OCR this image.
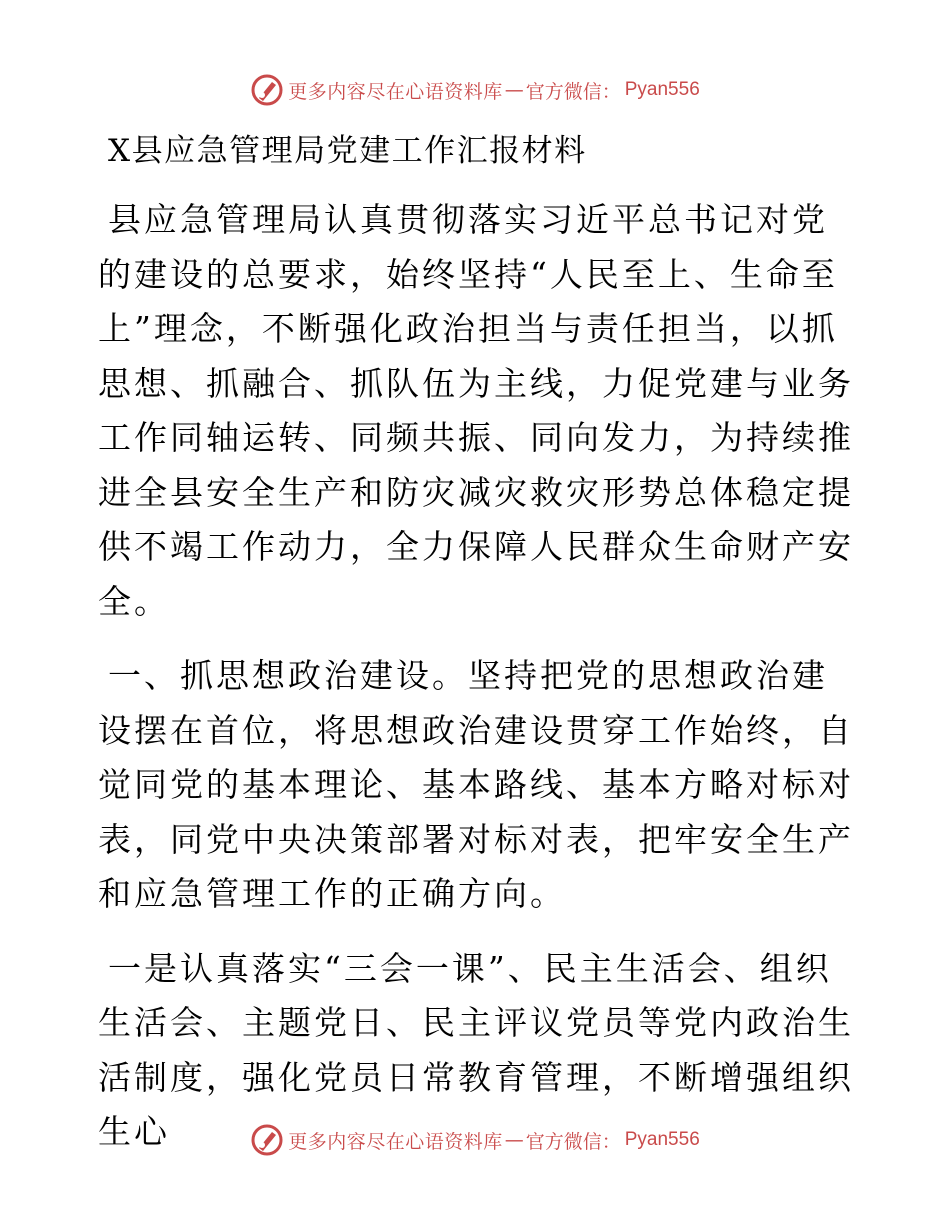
更多内容尽在心语资料库 — 官方微信： Pyan556
X县应急管理局党建工作汇报材料

县应急管理局认真贯彻落实习近平总书记对党的建设的总要求，始终坚持“人民至上、生命至上”理念，不断强化政治担当与责任担当，以抓思想、抓融合、抓队伍为主线，力促党建与业务工作同轴运转、同频共振、同向发力，为持续推进全县安全生产和防灾减灾救灾形势总体稳定提供不竭工作动力，全力保障人民群众生命财产安全。

一、抓思想政治建设。坚持把党的思想政治建设摆在首位，将思想政治建设贯穿工作始终，自觉同党的基本理论、基本路线、基本方略对标对表，同党中央决策部署对标对表，把牢安全生产和应急管理工作的正确方向。

一是认真落实“三会一课”、民主生活会、组织生活会、主题党日、民主评议党员等党内政治生活制度，强化党员日常教育管理，不断增强组织生心	更多内容尽在心语资料库 — 官方微信： Pyan556
